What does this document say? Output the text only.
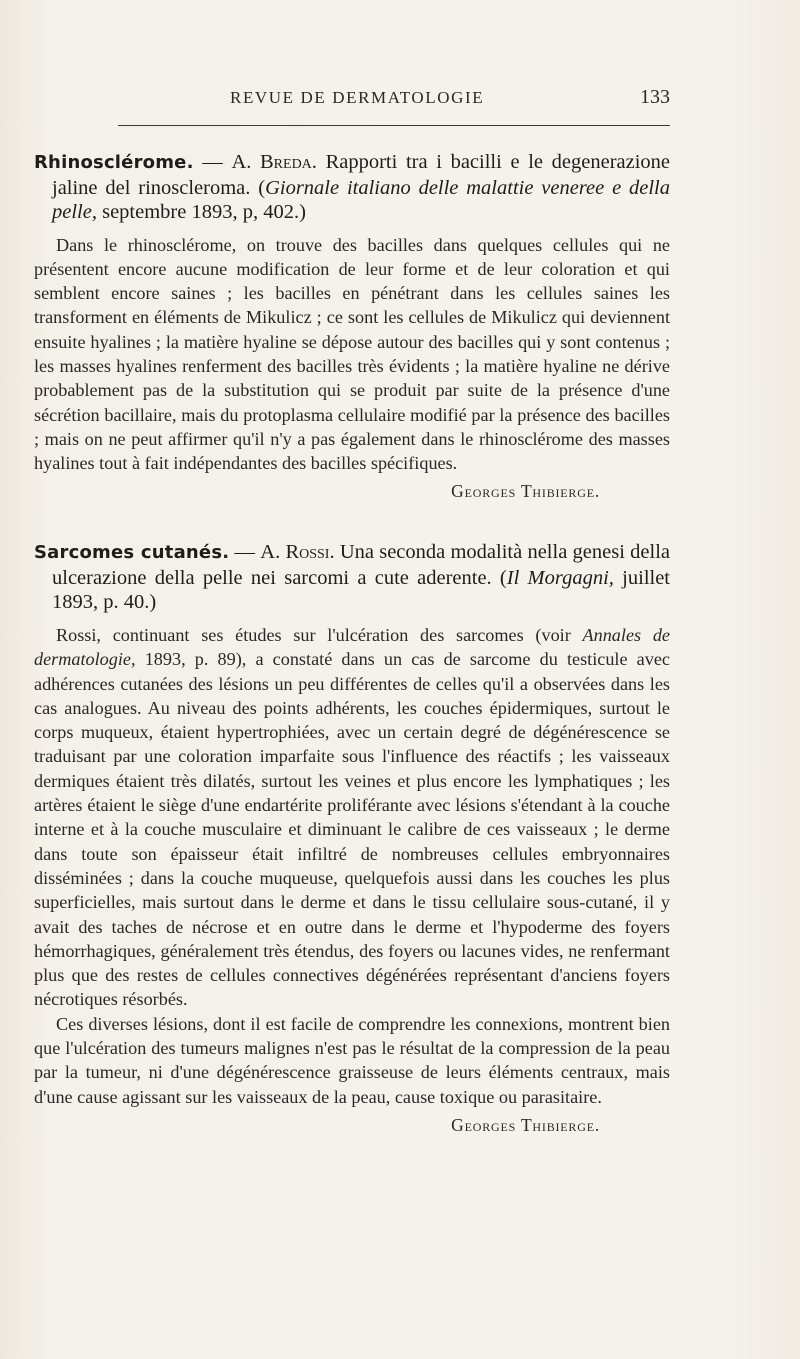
REVUE DE DERMATOLOGIE	133

Rhinosclérome. — A. Breda. Rapporti tra i bacilli e le degenerazione jaline del rinoscleroma. (Giornale italiano delle malattie veneree e della pelle, septembre 1893, p, 402.)

Dans le rhinosclérome, on trouve des bacilles dans quelques cellules qui ne présentent encore aucune modification de leur forme et de leur coloration et qui semblent encore saines ; les bacilles en pénétrant dans les cellules saines les transforment en éléments de Mikulicz ; ce sont les cellules de Mikulicz qui deviennent ensuite hyalines ; la matière hyaline se dépose autour des bacilles qui y sont contenus ; les masses hyalines renferment des bacilles très évidents ; la matière hyaline ne dérive probablement pas de la substitution qui se produit par suite de la présence d'une sécrétion bacillaire, mais du protoplasma cellulaire modifié par la présence des bacilles ; mais on ne peut affirmer qu'il n'y a pas également dans le rhinosclérome des masses hyalines tout à fait indépendantes des bacilles spécifiques.

Georges Thibierge.

Sarcomes cutanés. — A. Rossi. Una seconda modalità nella genesi della ulcerazione della pelle nei sarcomi a cute aderente. (Il Morgagni, juillet 1893, p. 40.)

Rossi, continuant ses études sur l'ulcération des sarcomes (voir Annales de dermatologie, 1893, p. 89), a constaté dans un cas de sarcome du testicule avec adhérences cutanées des lésions un peu différentes de celles qu'il a observées dans les cas analogues. Au niveau des points adhérents, les couches épidermiques, surtout le corps muqueux, étaient hypertrophiées, avec un certain degré de dégénérescence se traduisant par une coloration imparfaite sous l'influence des réactifs ; les vaisseaux dermiques étaient très dilatés, surtout les veines et plus encore les lymphatiques ; les artères étaient le siège d'une endartérite proliférante avec lésions s'étendant à la couche interne et à la couche musculaire et diminuant le calibre de ces vaisseaux ; le derme dans toute son épaisseur était infiltré de nombreuses cellules embryonnaires disséminées ; dans la couche muqueuse, quelquefois aussi dans les couches les plus superficielles, mais surtout dans le derme et dans le tissu cellulaire sous-cutané, il y avait des taches de nécrose et en outre dans le derme et l'hypoderme des foyers hémorrhagiques, généralement très étendus, des foyers ou lacunes vides, ne renfermant plus que des restes de cellules connectives dégénérées représentant d'anciens foyers nécrotiques résorbés.

Ces diverses lésions, dont il est facile de comprendre les connexions, montrent bien que l'ulcération des tumeurs malignes n'est pas le résultat de la compression de la peau par la tumeur, ni d'une dégénérescence graisseuse de leurs éléments centraux, mais d'une cause agissant sur les vaisseaux de la peau, cause toxique ou parasitaire.

Georges Thibierge.
